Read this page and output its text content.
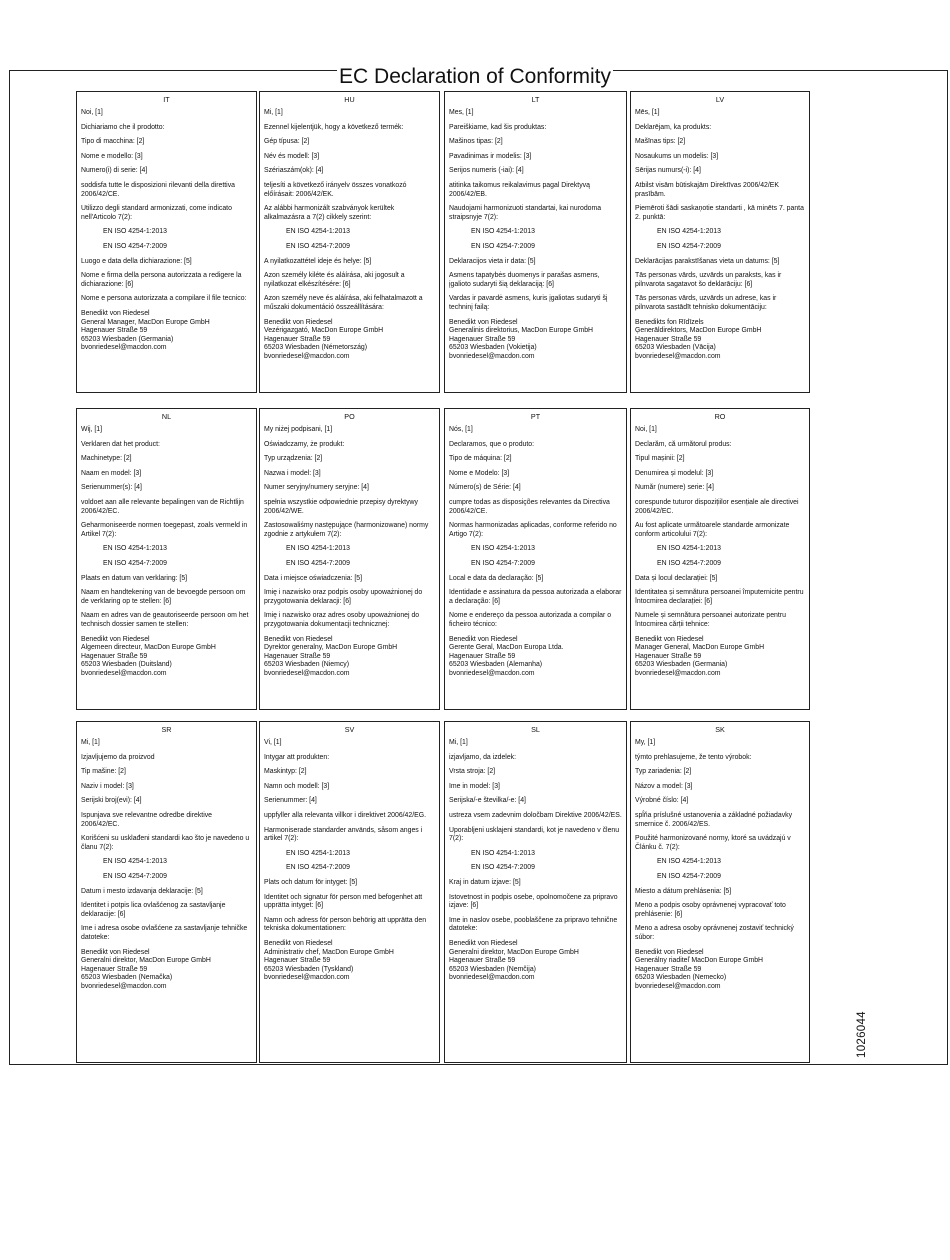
EC Declaration of Conformity
1026044
IT

Noi, [1]

Dichiariamo che il prodotto:

Tipo di macchina: [2]

Nome e modello: [3]

Numero(i) di serie: [4]

soddisfa tutte le disposizioni rilevanti della direttiva 2006/42/CE.

Utilizzo degli standard armonizzati, come indicato nell'Articolo 7(2):

EN ISO 4254-1:2013

EN ISO 4254-7:2009

Luogo e data della dichiarazione: [5]

Nome e firma della persona autorizzata a redigere la dichiarazione: [6]

Nome e persona autorizzata a compilare il file tecnico:

Benedikt von Riedesel

General Manager, MacDon Europe GmbH

Hagenauer Straße 59

65203 Wiesbaden (Germania)

bvonriedesel@macdon.com

HU

Mi, [1]

Ezennel kijelentjük, hogy a következő termék:

Gép típusa: [2]

Név és modell: [3]

Szériaszám(ok): [4]

teljesíti a következő irányelv összes vonatkozó előírásait: 2006/42/EK.

Az alábbi harmonizált szabványok kerültek alkalmazásra a 7(2) cikkely szerint:

EN ISO 4254-1:2013

EN ISO 4254-7:2009

A nyilatkozattétel ideje és helye: [5]

Azon személy kilétе és aláírása, aki jogosult a nyilatkozat elkészítésére: [6]

Azon személy neve és aláírása, aki felhatalmazott a műszaki dokumentáció összeállítására:

Benedikt von Riedesel

Vezérigazgató, MacDon Europe GmbH

Hagenauer Straße 59

65203 Wiesbaden (Németország)

bvonriedesel@macdon.com

LT

Mes, [1]

Pareiškiame, kad šis produktas:

Mašinos tipas: [2]

Pavadinimas ir modelis: [3]

Serijos numeris (-iai): [4]

atitinka taikomus reikalavimus pagal Direktyvą 2006/42/EB.

Naudojami harmonizuoti standartai, kai nurodoma straipsnyje 7(2):

EN ISO 4254-1:2013

EN ISO 4254-7:2009

Deklaracijos vieta ir data: [5]

Asmens tapatybės duomenys ir parašas asmens, įgalioto sudaryti šią deklaraciją: [6]

Vardas ir pavardė asmens, kuris įgaliotas sudaryti šį techninį failą:

Benedikt von Riedesel

Generalinis direktorius, MacDon Europe GmbH

Hagenauer Straße 59

65203 Wiesbaden (Vokietija)

bvonriedesel@macdon.com

LV

Mēs, [1]

Deklarējam, ka produkts:

Mašīnas tips: [2]

Nosaukums un modelis: [3]

Sērijas numurs(-i): [4]

Atbilst visām būtiskajām Direktīvas 2006/42/EK prasībām.

Piemēroti šādi saskaņotie standarti , kā minēts 7. panta 2. punktā:

EN ISO 4254-1:2013

EN ISO 4254-7:2009

Deklarācijas parakstīšanas vieta un datums: [5]

Tās personas vārds, uzvārds un paraksts, kas ir pilnvarota sagatavot šo deklarāciju: [6]

Tās personas vārds, uzvārds un adrese, kas ir pilnvarota sastādīt tehnisko dokumentāciju:

Benedikts fon Rīdīzels

Ģenerāldirektors, MacDon Europe GmbH

Hagenauer Straße 59

65203 Wiesbaden (Vācija)

bvonriedesel@macdon.com

NL

Wij, [1]

Verklaren dat het product:

Machinetype: [2]

Naam en model: [3]

Serienummer(s): [4]

voldoet aan alle relevante bepalingen van de Richtlijn 2006/42/EC.

Geharmoniseerde normen toegepast, zoals vermeld in Artikel 7(2):

EN ISO 4254-1:2013

EN ISO 4254-7:2009

Plaats en datum van verklaring: [5]

Naam en handtekening van de bevoegde persoon om de verklaring op te stellen: [6]

Naam en adres van de geautoriseerde persoon om het technisch dossier samen te stellen:

Benedikt von Riedesel

Algemeen directeur, MacDon Europe GmbH

Hagenauer Straße 59

65203 Wiesbaden (Duitsland)

bvonriedesel@macdon.com

PO

My niżej podpisani, [1]

Oświadczamy, że produkt:

Typ urządzenia: [2]

Nazwa i model: [3]

Numer seryjny/numery seryjne: [4]

spełnia wszystkie odpowiednie przepisy dyrektywy 2006/42/WE.

Zastosowaliśmy następujące (harmonizowane) normy zgodnie z artykułem 7(2):

EN ISO 4254-1:2013

EN ISO 4254-7:2009

Data i miejsce oświadczenia: [5]

Imię i nazwisko oraz podpis osoby upoważnionej do przygotowania deklaracji: [6]

Imię i nazwisko oraz adres osoby upoważnionej do przygotowania dokumentacji technicznej:

Benedikt von Riedesel

Dyrektor generalny, MacDon Europe GmbH

Hagenauer Straße 59

65203 Wiesbaden (Niemcy)

bvonriedesel@macdon.com

PT

Nós, [1]

Declaramos, que o produto:

Tipo de máquina: [2]

Nome e Modelo: [3]

Número(s) de Série: [4]

cumpre todas as disposições relevantes da Directiva 2006/42/CE.

Normas harmonizadas aplicadas, conforme referido no Artigo 7(2):

EN ISO 4254-1:2013

EN ISO 4254-7:2009

Local e data da declaração: [5]

Identidade e assinatura da pessoa autorizada a elaborar a declaração: [6]

Nome e endereço da pessoa autorizada a compilar o ficheiro técnico:

Benedikt von Riedesel

Gerente Geral, MacDon Europa Ltda.

Hagenauer Straße 59

65203 Wiesbaden (Alemanha)

bvonriedesel@macdon.com

RO

Noi, [1]

Declarăm, că următorul produs:

Tipul mașinii: [2]

Denumirea și modelul: [3]

Număr (numere) serie: [4]

corespunde tuturor dispozițiilor esențiale ale directivei 2006/42/EC.

Au fost aplicate următoarele standarde armonizate conform articolului 7(2):

EN ISO 4254-1:2013

EN ISO 4254-7:2009

Data și locul declarației: [5]

Identitatea și semnătura persoanei împuternicite pentru întocmirea declarației: [6]

Numele și semnătura persoanei autorizate pentru întocmirea cărții tehnice:

Benedikt von Riedesel

Manager General, MacDon Europe GmbH

Hagenauer Straße 59

65203 Wiesbaden (Germania)

bvonriedesel@macdon.com

SR

Mi, [1]

Izjavljujemo da proizvod

Tip mašine: [2]

Naziv i model: [3]

Serijski broj(evi): [4]

Ispunjava sve relevantne odredbe direktive 2006/42/EC.

Korišćeni su usklađeni standardi kao što je navedeno u članu 7(2):

EN ISO 4254-1:2013

EN ISO 4254-7:2009

Datum i mesto izdavanja deklaracije: [5]

Identitet i potpis lica ovlašćenog za sastavljanje deklaracije: [6]

Ime i adresa osobe ovlašćene za sastavljanje tehničke datoteke:

Benedikt von Riedesel

Generalni direktor, MacDon Europe GmbH

Hagenauer Straße 59

65203 Wiesbaden (Nemačka)

bvonriedesel@macdon.com

SV

Vi, [1]

Intygar att produkten:

Maskintyp: [2]

Namn och modell: [3]

Serienummer: [4]

uppfyller alla relevanta villkor i direktivet 2006/42/EG.

Harmoniserade standarder används, såsom anges i artikel 7(2):

EN ISO 4254-1:2013

EN ISO 4254-7:2009

Plats och datum för intyget: [5]

Identitet och signatur för person med befogenhet att upprätta intyget: [6]

Namn och adress för person behörig att upprätta den tekniska dokumentationen:

Benedikt von Riedesel

Administrativ chef, MacDon Europe GmbH

Hagenauer Straße 59

65203 Wiesbaden (Tyskland)

bvonriedesel@macdon.com

SL

Mi, [1]

izjavljamo, da izdelek:

Vrsta stroja: [2]

Ime in model: [3]

Serijska/-e številka/-e: [4]

ustreza vsem zadevnim določbam Direktive 2006/42/ES.

Uporabljeni usklajeni standardi, kot je navedeno v členu 7(2):

EN ISO 4254-1:2013

EN ISO 4254-7:2009

Kraj in datum izjave: [5]

Istovetnost in podpis osebe, opolnomočene za pripravo izjave: [6]

Ime in naslov osebe, pooblaščene za pripravo tehnične datoteke:

Benedikt von Riedesel

Generalni direktor, MacDon Europe GmbH

Hagenauer Straße 59

65203 Wiesbaden (Nemčija)

bvonriedesel@macdon.com

SK

My, [1]

týmto prehlasujeme, že tento výrobok:

Typ zariadenia: [2]

Názov a model: [3]

Výrobné číslo: [4]

spĺňa príslušné ustanovenia a základné požiadavky smernice č. 2006/42/ES.

Použité harmonizované normy, ktoré sa uvádzajú v Článku č. 7(2):

EN ISO 4254-1:2013

EN ISO 4254-7:2009

Miesto a dátum prehlásenia: [5]

Meno a podpis osoby oprávnenej vypracovať toto prehlásenie: [6]

Meno a adresa osoby oprávnenej zostaviť technický súbor:

Benedikt von Riedesel

Generálny riaditeľ MacDon Europe GmbH

Hagenauer Straße 59

65203 Wiesbaden (Nemecko)

bvonriedesel@macdon.com
